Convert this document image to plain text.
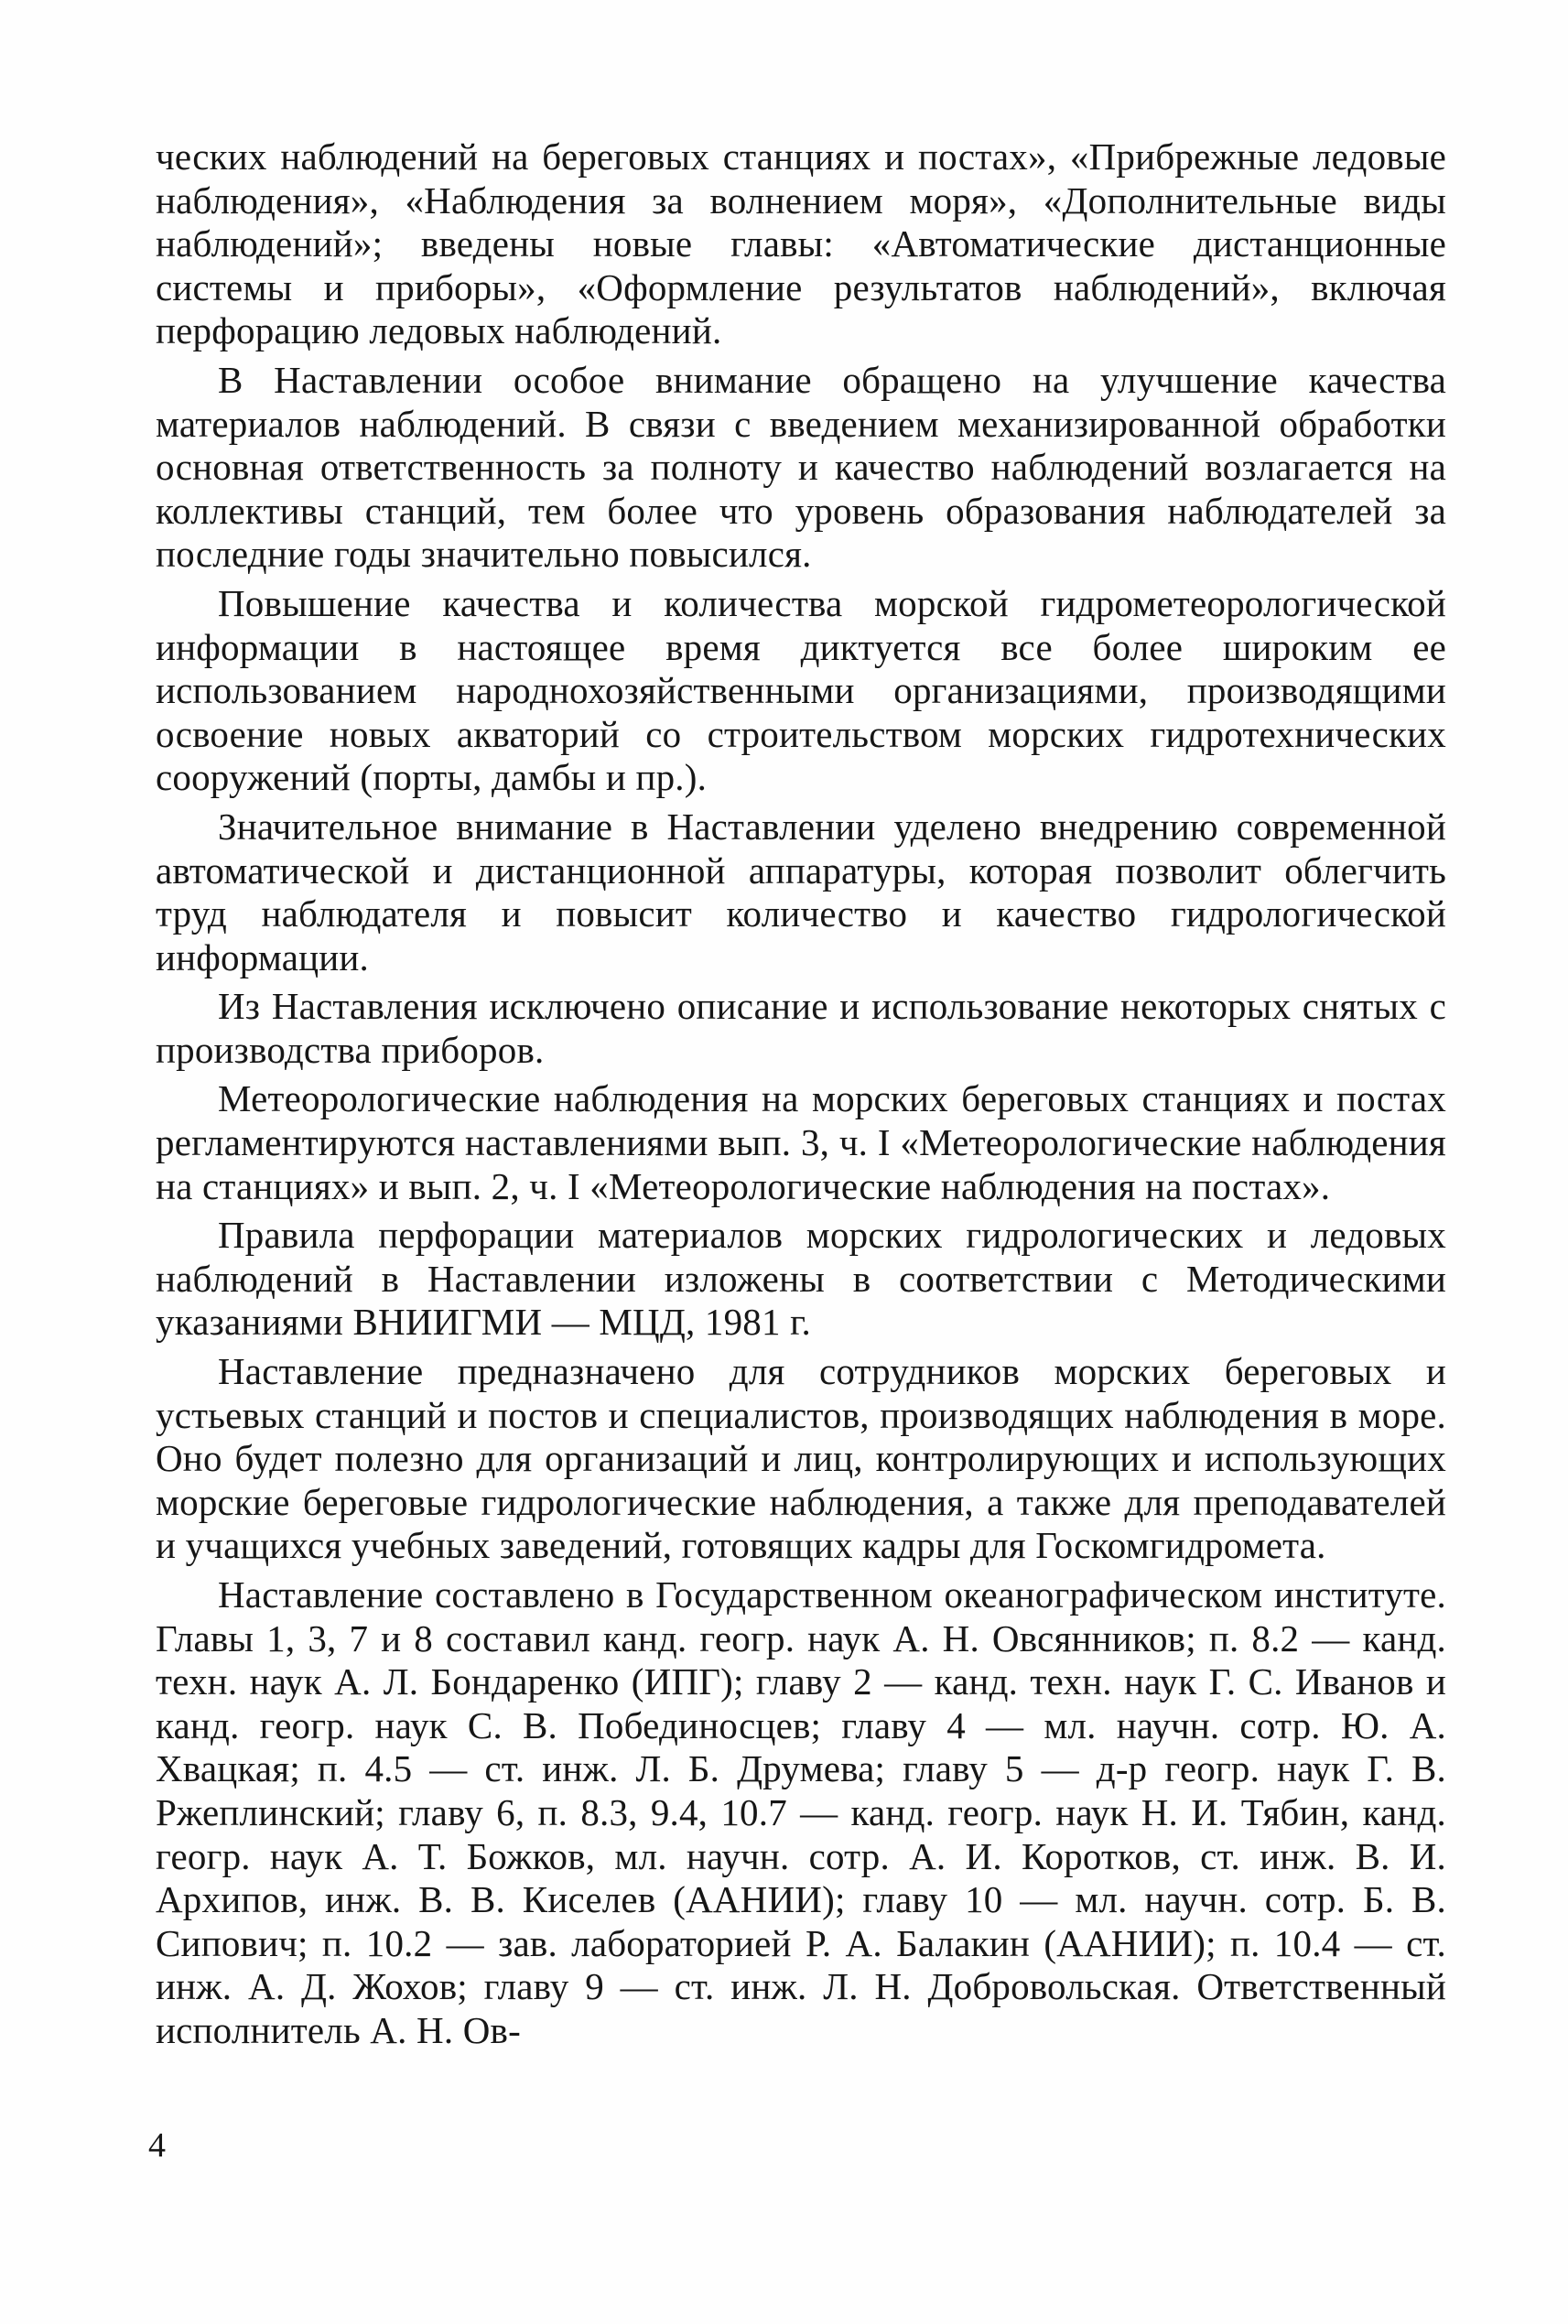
ческих наблюдений на береговых станциях и постах», «Прибрежные ледовые наблюдения», «Наблюдения за волнением моря», «Дополнительные виды наблюдений»; введены новые главы: «Автоматические дистанционные системы и приборы», «Оформление результатов наблюдений», включая перфорацию ледовых наблюдений.

В Наставлении особое внимание обращено на улучшение качества материалов наблюдений. В связи с введением механизированной обработки основная ответственность за полноту и качество наблюдений возлагается на коллективы станций, тем более что уровень образования наблюдателей за последние годы значительно повысился.

Повышение качества и количества морской гидрометеорологической информации в настоящее время диктуется все более широким ее использованием народнохозяйственными организациями, производящими освоение новых акваторий со строительством морских гидротехнических сооружений (порты, дамбы и пр.).

Значительное внимание в Наставлении уделено внедрению современной автоматической и дистанционной аппаратуры, которая позволит облегчить труд наблюдателя и повысит количество и качество гидрологической информации.

Из Наставления исключено описание и использование некоторых снятых с производства приборов.

Метеорологические наблюдения на морских береговых станциях и постах регламентируются наставлениями вып. 3, ч. I «Метеорологические наблюдения на станциях» и вып. 2, ч. I «Метеорологические наблюдения на постах».

Правила перфорации материалов морских гидрологических и ледовых наблюдений в Наставлении изложены в соответствии с Методическими указаниями ВНИИГМИ — МЦД, 1981 г.

Наставление предназначено для сотрудников морских береговых и устьевых станций и постов и специалистов, производящих наблюдения в море. Оно будет полезно для организаций и лиц, контролирующих и использующих морские береговые гидрологические наблюдения, а также для преподавателей и учащихся учебных заведений, готовящих кадры для Госкомгидромета.

Наставление составлено в Государственном океанографическом институте. Главы 1, 3, 7 и 8 составил канд. геогр. наук А. Н. Овсянников; п. 8.2 — канд. техн. наук А. Л. Бондаренко (ИПГ); главу 2 — канд. техн. наук Г. С. Иванов и канд. геогр. наук С. В. Побединосцев; главу 4 — мл. научн. сотр. Ю. А. Хвацкая; п. 4.5 — ст. инж. Л. Б. Друмева; главу 5 — д-р геогр. наук Г. В. Ржеплинский; главу 6, п. 8.3, 9.4, 10.7 — канд. геогр. наук Н. И. Тябин, канд. геогр. наук А. Т. Божков, мл. научн. сотр. А. И. Коротков, ст. инж. В. И. Архипов, инж. В. В. Киселев (ААНИИ); главу 10 — мл. научн. сотр. Б. В. Сипович; п. 10.2 — зав. лабораторией Р. А. Балакин (ААНИИ); п. 10.4 — ст. инж. А. Д. Жохов; главу 9 — ст. инж. Л. Н. Добровольская. Ответственный исполнитель А. Н. Ов-

4
